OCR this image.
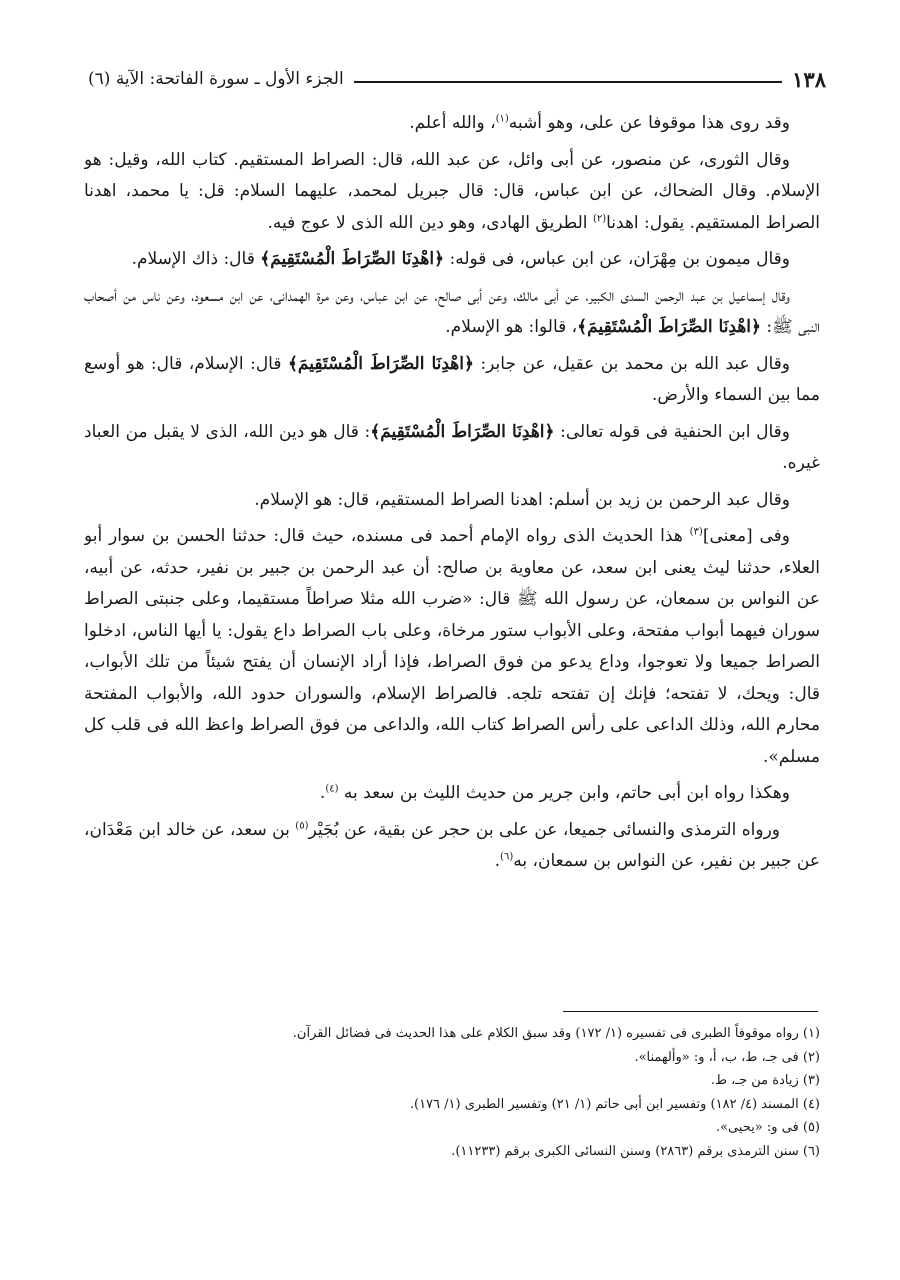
١٣٨
الجزء الأول ـ سورة الفاتحة: الآية (٦)

وقد روى هذا موقوفا عن على، وهو أشبه$^{(١)}$، والله أعلم.

وقال الثورى، عن منصور، عن أبى وائل، عن عبد الله، قال: الصراط المستقيم. كتاب الله، وقيل: هو الإسلام. وقال الضحاك، عن ابن عباس، قال: قال جبريل لمحمد، عليهما السلام: قل: يا محمد، اهدنا الصراط المستقيم. يقول: اهدنا$^{(٢)}$ الطريق الهادى، وهو دين الله الذى لا عوج فيه.

وقال ميمون بن مِهْرَان، عن ابن عباس، فى قوله: ﴿اهْدِنَا الصِّرَاطَ الْمُسْتَقِيمَ﴾ قال: ذاك الإسلام.

وقال إسماعيل بن عبد الرحمن السدى الكبير، عن أبى مالك، وعن أبى صالح، عن ابن عباس، وعن مرة الهمدانى، عن ابن مسعود، وعن ناس من أصحاب النبى ﷺ: ﴿اهْدِنَا الصِّرَاطَ الْمُسْتَقِيمَ﴾، قالوا: هو الإسلام.

وقال عبد الله بن محمد بن عقيل، عن جابر: ﴿اهْدِنَا الصِّرَاطَ الْمُسْتَقِيمَ﴾ قال: الإسلام، قال: هو أوسع مما بين السماء والأرض.

وقال ابن الحنفية فى قوله تعالى: ﴿اهْدِنَا الصِّرَاطَ الْمُسْتَقِيمَ﴾: قال هو دين الله، الذى لا يقبل من العباد غيره.

وقال عبد الرحمن بن زيد بن أسلم: اهدنا الصراط المستقيم، قال: هو الإسلام.

وفى [معنى]$^{(٣)}$ هذا الحديث الذى رواه الإمام أحمد فى مسنده، حيث قال: حدثنا الحسن بن سوار أبو العلاء، حدثنا ليث يعنى ابن سعد، عن معاوية بن صالح: أن عبد الرحمن بن جبير بن نفير، حدثه، عن أبيه، عن النواس بن سمعان، عن رسول الله ﷺ قال: «ضرب الله مثلا صراطاً مستقيما، وعلى جنبتى الصراط سوران فيهما أبواب مفتحة، وعلى الأبواب ستور مرخاة، وعلى باب الصراط داع يقول: يا أيها الناس، ادخلوا الصراط جميعا ولا تعوجوا، وداع يدعو من فوق الصراط، فإذا أراد الإنسان أن يفتح شيئاً من تلك الأبواب، قال: ويحك، لا تفتحه؛ فإنك إن تفتحه تلجه. فالصراط الإسلام، والسوران حدود الله، والأبواب المفتحة محارم الله، وذلك الداعى على رأس الصراط كتاب الله، والداعى من فوق الصراط واعظ الله فى قلب كل مسلم».

وهكذا رواه ابن أبى حاتم، وابن جرير من حديث الليث بن سعد به $^{(٤)}$.

ورواه الترمذى والنسائى جميعا، عن على بن حجر عن بقية، عن بُجَيْر$^{(٥)}$ بن سعد، عن خالد ابن مَعْدَان، عن جبير بن نفير، عن النواس بن سمعان، به$^{(٦)}$.

(١) رواه موقوفاً الطبرى فى تفسيره (١/ ١٧٢) وقد سبق الكلام على هذا الحديث فى فضائل القرآن.

(٢) فى جـ، ط، ب، أ، و: «وألهمنا».

(٣) زيادة من جـ، ط.

(٤) المسند (٤/ ١٨٢) وتفسير ابن أبى حاتم (١/ ٢١) وتفسير الطبرى (١/ ١٧٦).

(٥) فى و: «يحيى».

(٦) سنن الترمذى برقم (٢٨٦٣) وسنن النسائى الكبرى برقم (١١٢٣٣).
